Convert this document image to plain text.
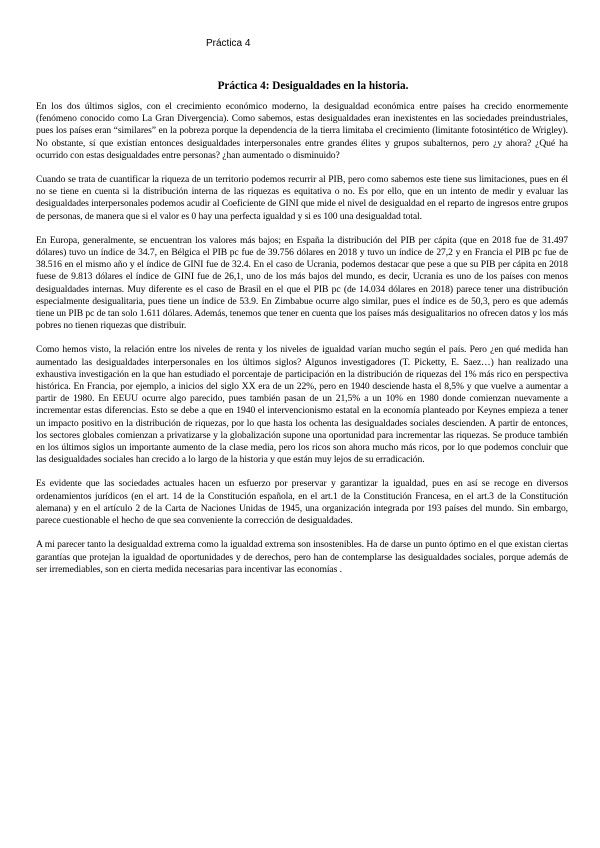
Práctica 4
Práctica 4: Desigualdades en la historia.

En los dos últimos siglos, con el crecimiento económico moderno, la desigualdad económica entre países ha crecido enormemente (fenómeno conocido como La Gran Divergencia). Como sabemos, estas desigualdades eran inexistentes en las sociedades preindustriales, pues los países eran “similares” en la pobreza porque la dependencia de la tierra limitaba el crecimiento (limitante fotosintético de Wrigley). No obstante, sí que existían entonces desigualdades interpersonales entre grandes élites y grupos subalternos, pero ¿y ahora? ¿Qué ha ocurrido con estas desigualdades entre personas? ¿han aumentado o disminuido?

Cuando se trata de cuantificar la riqueza de un territorio podemos recurrir al PIB, pero como sabemos este tiene sus limitaciones, pues en él no se tiene en cuenta si la distribución interna de las riquezas es equitativa o no. Es por ello, que en un intento de medir y evaluar las desigualdades interpersonales podemos acudir al Coeficiente de GINI que mide el nivel de desigualdad en el reparto de ingresos entre grupos de personas, de manera que si el valor es 0 hay una perfecta igualdad y si es 100 una desigualdad total.

En Europa, generalmente, se encuentran los valores más bajos; en España la distribución del PIB per cápita (que en 2018 fue de 31.497 dólares) tuvo un índice de 34.7, en Bélgica el PIB pc fue de 39.756 dólares en 2018 y tuvo un índice de 27,2 y en Francia el PIB pc fue de 38.516 en el mismo año y el índice de GINI fue de 32.4. En el caso de Ucrania, podemos destacar que pese a que su PIB per cápita en 2018 fuese de 9.813 dólares el índice de GINI fue de 26,1, uno de los más bajos del mundo, es decir, Ucrania es uno de los países con menos desigualdades internas. Muy diferente es el caso de Brasil en el que el PIB pc (de 14.034 dólares en 2018) parece tener una distribución especialmente desigualitaria, pues tiene un índice de 53.9. En Zimbabue ocurre algo similar, pues el índice es de 50,3, pero es que además tiene un PIB pc de tan solo 1.611 dólares. Además, tenemos que tener en cuenta que los países más desigualitarios no ofrecen datos y los más pobres no tienen riquezas que distribuir.

Como hemos visto, la relación entre los niveles de renta y los niveles de igualdad varían mucho según el país. Pero ¿en qué medida han aumentado las desigualdades interpersonales en los últimos siglos? Algunos investigadores (T. Picketty, E. Saez…) han realizado una exhaustiva investigación en la que han estudiado el porcentaje de participación en la distribución de riquezas del 1% más rico en perspectiva histórica. En Francia, por ejemplo, a inicios del siglo XX era de un 22%, pero en 1940 desciende hasta el 8,5% y que vuelve a aumentar a partir de 1980. En EEUU ocurre algo parecido, pues también pasan de un 21,5% a un 10% en 1980 donde comienzan nuevamente a incrementar estas diferencias. Esto se debe a que en 1940 el intervencionismo estatal en la economía planteado por Keynes empieza a tener un impacto positivo en la distribución de riquezas, por lo que hasta los ochenta las desigualdades sociales descienden. A partir de entonces, los sectores globales comienzan a privatizarse y la globalización supone una oportunidad para incrementar las riquezas. Se produce también en los últimos siglos un importante aumento de la clase media, pero los ricos son ahora mucho más ricos, por lo que podemos concluir que las desigualdades sociales han crecido a lo largo de la historia y que están muy lejos de su erradicación.

Es evidente que las sociedades actuales hacen un esfuerzo por preservar y garantizar la igualdad, pues en así se recoge en diversos ordenamientos jurídicos (en el art. 14 de la Constitución española, en el art.1 de la Constitución Francesa, en el art.3 de la Constitución alemana) y en el artículo 2 de la Carta de Naciones Unidas de 1945, una organización integrada por 193 países del mundo. Sin embargo, parece cuestionable el hecho de que sea conveniente la corrección de desigualdades.

A mi parecer tanto la desigualdad extrema como la igualdad extrema son insostenibles. Ha de darse un punto óptimo en el que existan ciertas garantías que protejan la igualdad de oportunidades y de derechos, pero han de contemplarse las desigualdades sociales, porque además de ser irremediables, son en cierta medida necesarias para incentivar las economías .
